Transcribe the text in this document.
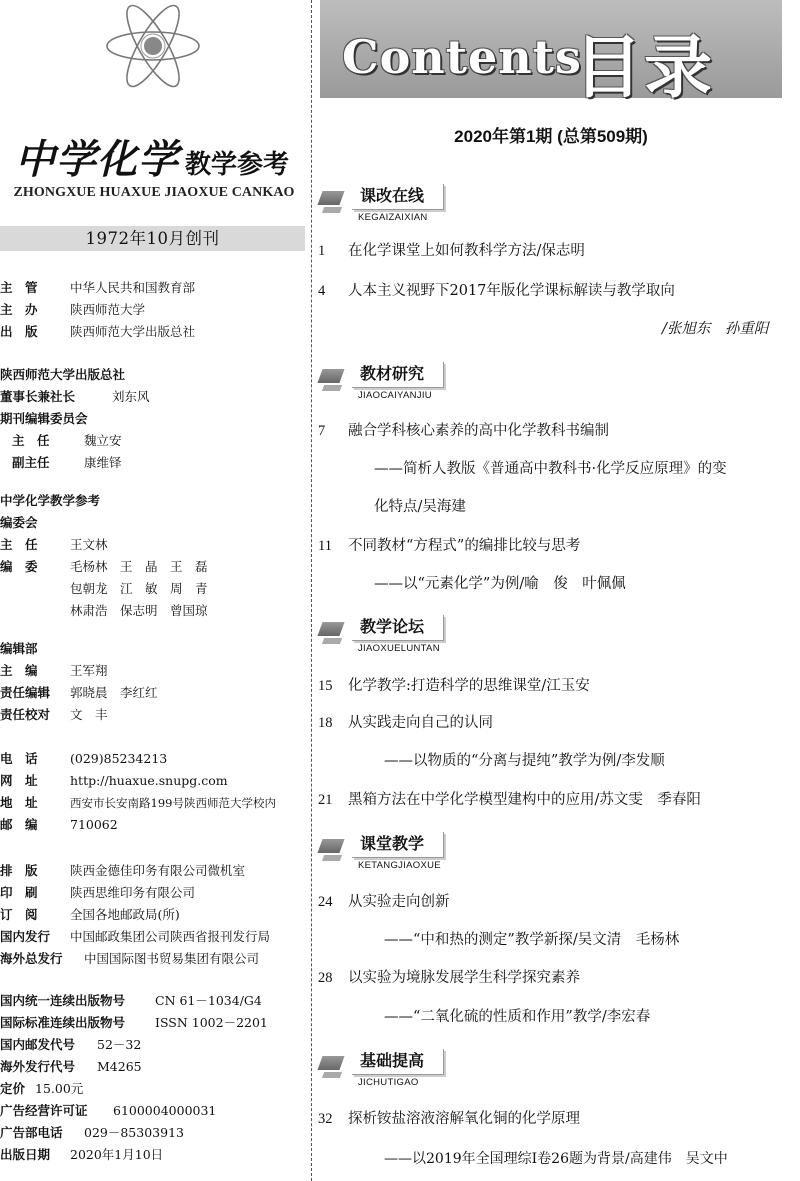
中学化学 教学参考
ZHONGXUE HUAXUE JIAOXUE CANKAO
1972年10月创刊
主　管	中华人民共和国教育部
主　办	陕西师范大学
出　版	陕西师范大学出版总社
陕西师范大学出版总社
董事长兼社长	刘东风
期刊编辑委员会
主　任	魏立安
副主任	康维铎
中学化学教学参考
编委会
主　任	王文林
编　委	毛杨林　王　晶　王　磊
包朝龙　江　敏　周　青
林肃浩　保志明　曾国琼
编辑部
主　编	王军翔
责任编辑 郭晓晨　李红红
责任校对 文　丰
电　话	(029)85234213
网　址	http://huaxue.snupg.com
地　址	西安市长安南路199号陕西师范大学校内
邮　编	710062
排　版	陕西金德佳印务有限公司微机室
印　刷	陕西思维印务有限公司
订　阅	全国各地邮政局(所)
国内发行 中国邮政集团公司陕西省报刊发行局
海外总发行 中国国际图书贸易集团有限公司
国内统一连续出版物号 CN 61－1034/G4
国际标准连续出版物号 ISSN 1002－2201
国内邮发代号 52－32
海外发行代号 M4265
定价 15.00元
广告经营许可证 6100004000031
广告部电话 029－85303913
出版日期 2020年1月10日
Contents
目录
2020年第1期 (总第509期)
课改在线
KEGAIZAIXIAN
1 在化学课堂上如何教科学方法/保志明
4 人本主义视野下2017年版化学课标解读与教学取向
/张旭东　孙重阳
教材研究
JIAOCAIYANJIU
7 融合学科核心素养的高中化学教科书编制
——简析人教版《普通高中教科书·化学反应原理》的变
化特点/吴海建
11 不同教材“方程式”的编排比较与思考
——以“元素化学”为例/喻　俊　叶佩佩
教学论坛
JIAOXUELUNTAN
15 化学教学:打造科学的思维课堂/江玉安
18 从实践走向自己的认同
——以物质的“分离与提纯”教学为例/李发顺
21 黑箱方法在中学化学模型建构中的应用/苏文雯　季春阳
课堂教学
KETANGJIAOXUE
24 从实验走向创新
——“中和热的测定”教学新探/吴文清　毛杨林
28 以实验为境脉发展学生科学探究素养
——“二氧化硫的性质和作用”教学/李宏春
基础提高
JICHUTIGAO
32 探析铵盐溶液溶解氧化铜的化学原理
——以2019年全国理综Ⅰ卷26题为背景/高建伟　吴文中
